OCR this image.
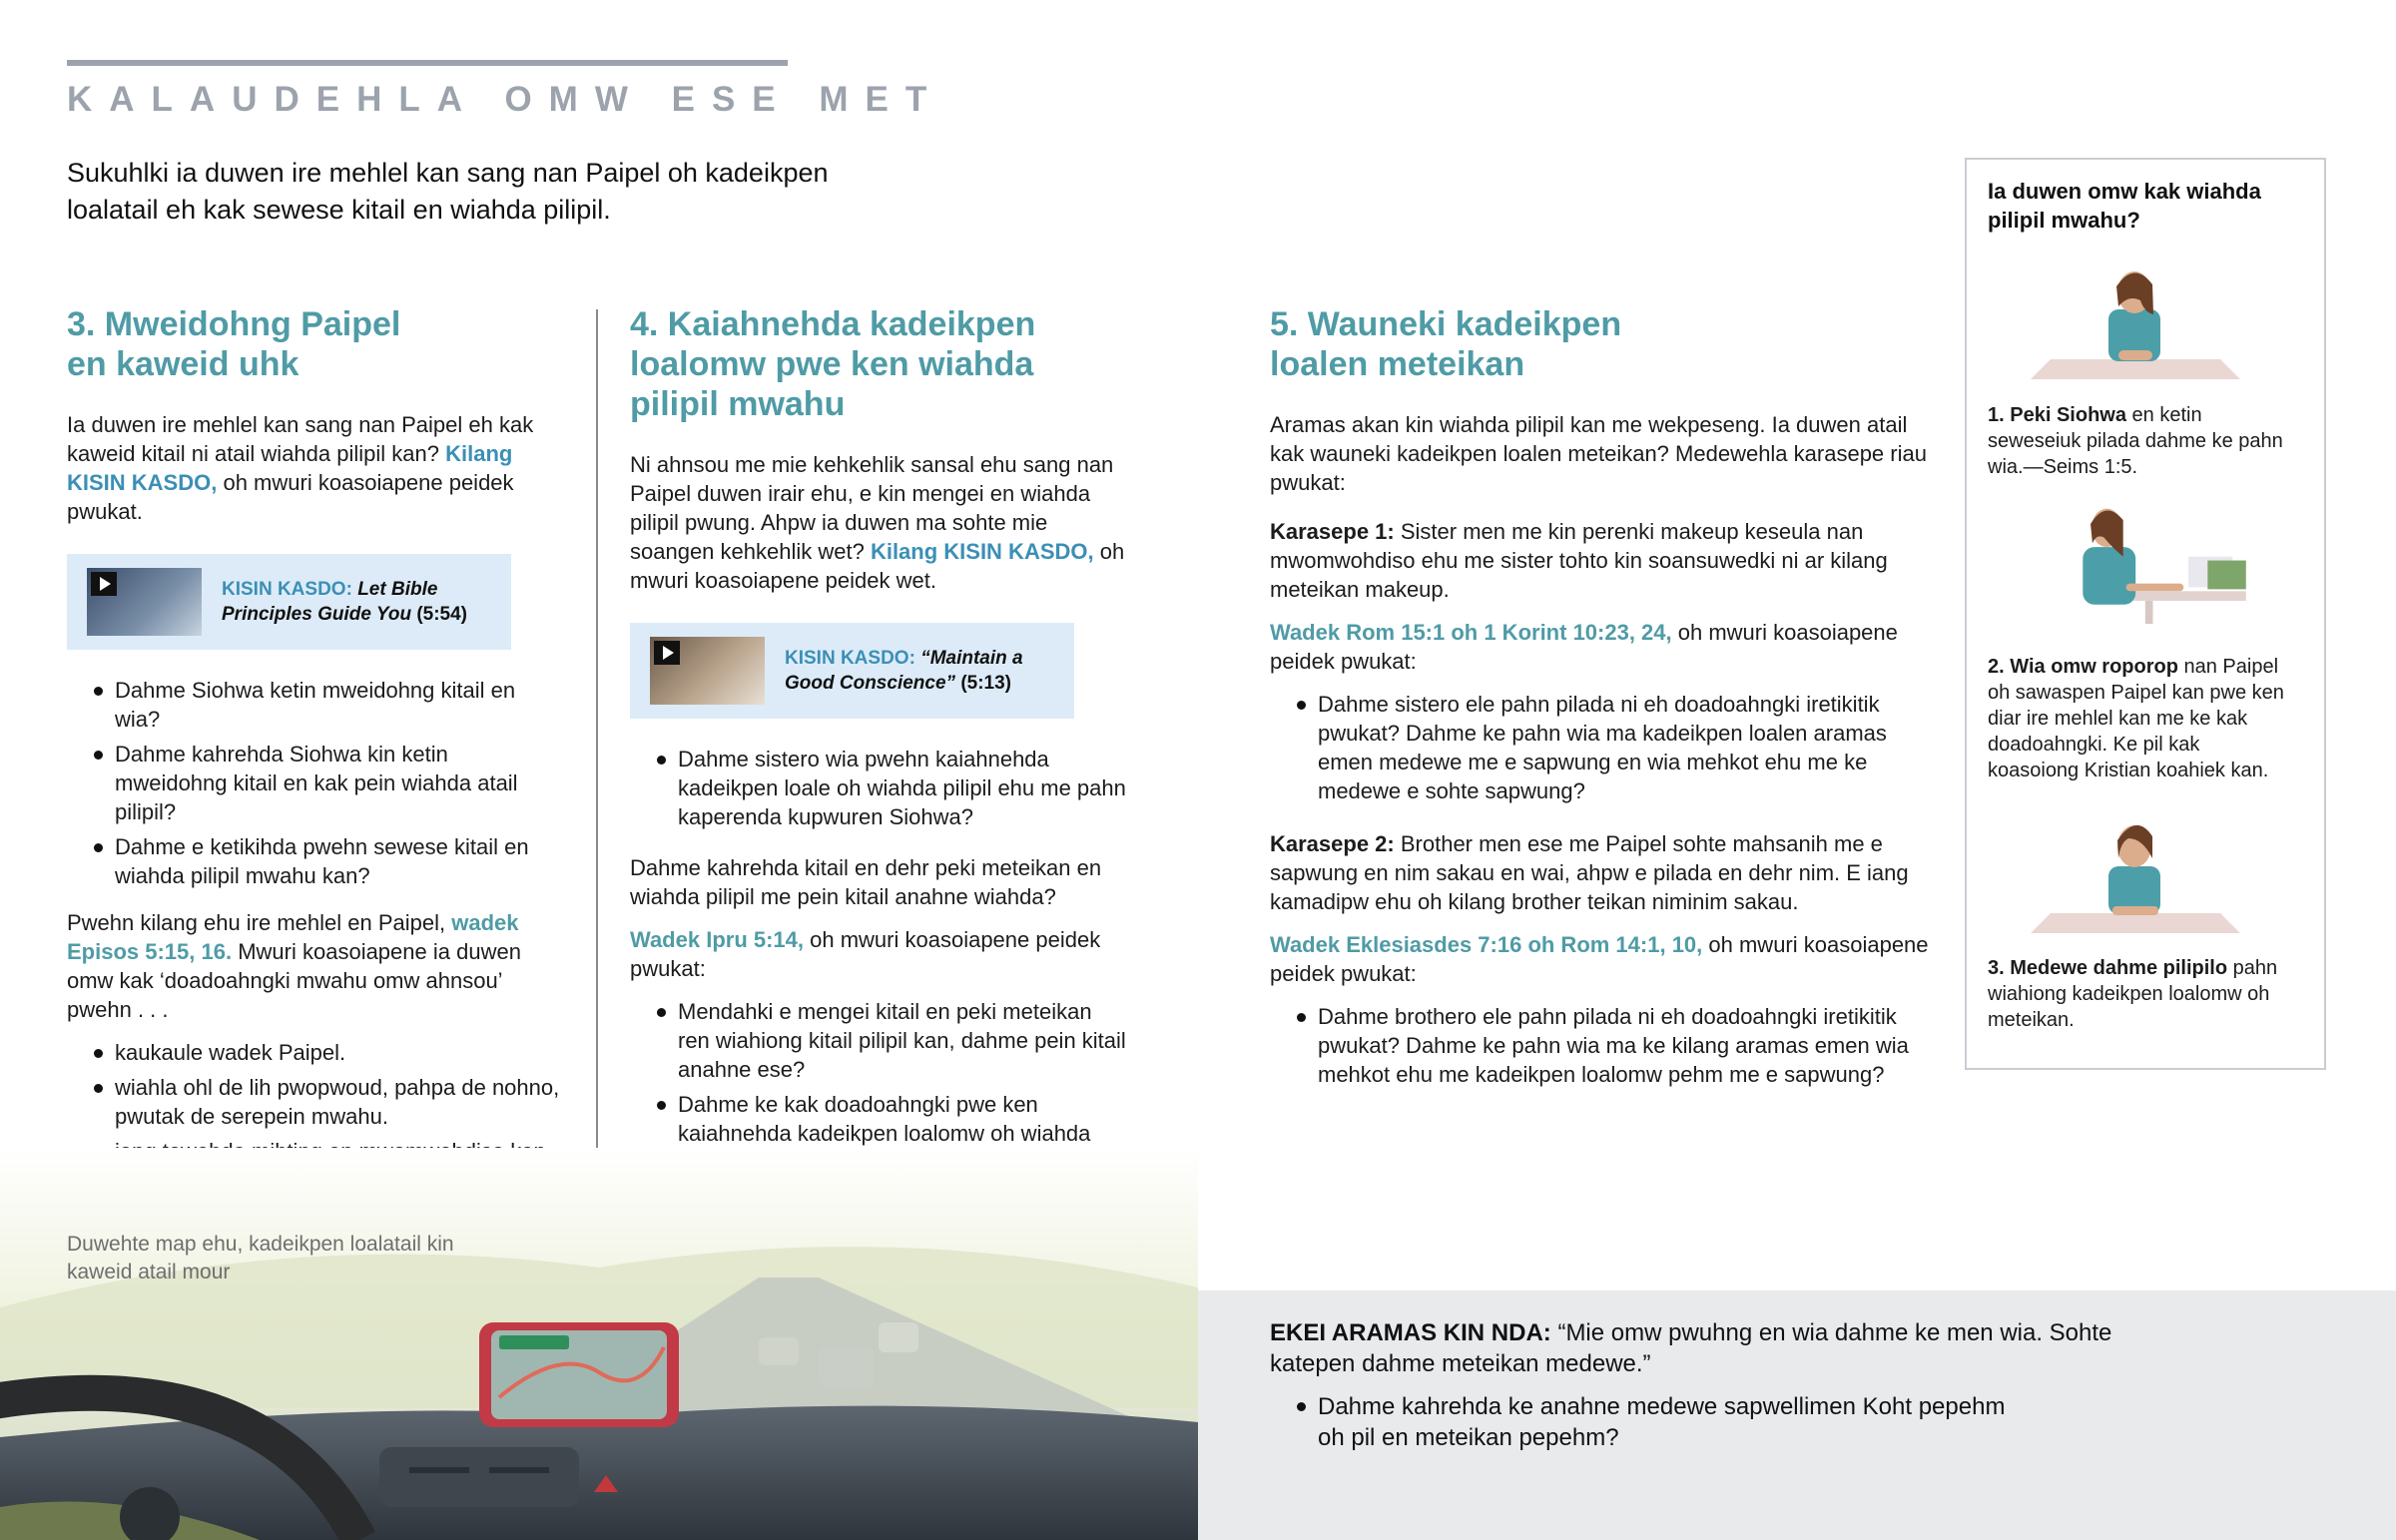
KALAUDEHLA OMW ESE MET
Sukuhlki ia duwen ire mehlel kan sang nan Paipel oh kadeikpen loalatail eh kak sewese kitail en wiahda pilipil.
3. Mweidohng Paipel
en kaweid uhk

Ia duwen ire mehlel kan sang nan Paipel eh kak kaweid kitail ni atail wiahda pilipil kan? Kilang KISIN KASDO, oh mwuri koasoiapene peidek pwukat.

KISIN KASDO: Let Bible Principles Guide You (5:54)
Dahme Siohwa ketin mweidohng kitail en wia?
Dahme kahrehda Siohwa kin ketin mweidohng kitail en kak pein wiahda atail pilipil?
Dahme e ketikihda pwehn sewese kitail en wiahda pilipil mwahu kan?

Pwehn kilang ehu ire mehlel en Paipel, wadek Episos 5:15, 16. Mwuri koasoiapene ia duwen omw kak ‘doadoahngki mwahu omw ahnsou’ pwehn . . .

kaukaule wadek Paipel.
wiahla ohl de lih pwopwoud, pahpa de nohno, pwutak de serepein mwahu.
4. Kaiahnehda kadeikpen
loalomw pwe ken wiahda
pilipil mwahu

Ni ahnsou me mie kehkehlik sansal ehu sang nan Paipel duwen irair ehu, e kin mengei en wiahda pilipil pwung. Ahpw ia duwen ma sohte mie soangen kehkehlik wet? Kilang KISIN KASDO, oh mwuri koasoiapene peidek wet.

KISIN KASDO: “Maintain a Good Conscience” (5:13)
Dahme sistero wia pwehn kaiahnehda kadeikpen loale oh wiahda pilipil ehu me pahn kaperenda kupwuren Siohwa?

Dahme kahrehda kitail en dehr peki meteikan en wiahda pilipil me pein kitail anahne wiahda?

Wadek Ipru 5:14, oh mwuri koasoiapene peidek pwukat:

Mendahki e mengei kitail en peki meteikan ren wiahiong kitail pilipil kan, dahme pein kitail anahne ese?
Dahme ke kak doadoahngki pwe ken kaiahnehda kadeikpen loalomw oh wiahda
5. Wauneki kadeikpen
loalen meteikan

Aramas akan kin wiahda pilipil kan me wekpeseng. Ia duwen atail kak wauneki kadeikpen loalen meteikan? Medewehla karasepe riau pwukat:

Karasepe 1: Sister men me kin perenki makeup keseula nan mwomwohdiso ehu me sister tohto kin soansuwedki ni ar kilang meteikan makeup.

Wadek Rom 15:1 oh 1 Korint 10:23, 24, oh mwuri koasoiapene peidek pwukat:

Dahme sistero ele pahn pilada ni eh doadoahngki iretikitik pwukat? Dahme ke pahn wia ma kadeikpen loalen aramas emen medewe me e sapwung en wia mehkot ehu me ke medewe e sohte sapwung?

Karasepe 2: Brother men ese me Paipel sohte mahsanih me e sapwung en nim sakau en wai, ahpw e pilada en dehr nim. E iang kamadipw ehu oh kilang brother teikan niminim sakau.

Wadek Eklesiasdes 7:16 oh Rom 14:1, 10, oh mwuri koasoiapene peidek pwukat:

Dahme brothero ele pahn pilada ni eh doadoahngki iretikitik pwukat? Dahme ke pahn wia ma ke kilang aramas emen wia mehkot ehu me kadeikpen loalomw pehm me e sapwung?
Ia duwen omw kak wiahda pilipil mwahu?
1. Peki Siohwa en ketin seweseiuk pilada dahme ke pahn wia.—Seims 1:5.
2. Wia omw roporop nan Paipel oh sawaspen Paipel kan pwe ken diar ire mehlel kan me ke kak doadoahngki. Ke pil kak koasoiong Kristian koahiek kan.
3. Medewe dahme pilipilo pahn wiahiong kadeikpen loalomw oh meteikan.
Duwehte map ehu, kadeikpen loalatail kin kaweid atail mour
EKEI ARAMAS KIN NDA: “Mie omw pwuhng en wia dahme ke men wia. Sohte katepen dahme meteikan medewe.”
Dahme kahrehda ke anahne medewe sapwellimen Koht pepehm oh pil en meteikan pepehm?
